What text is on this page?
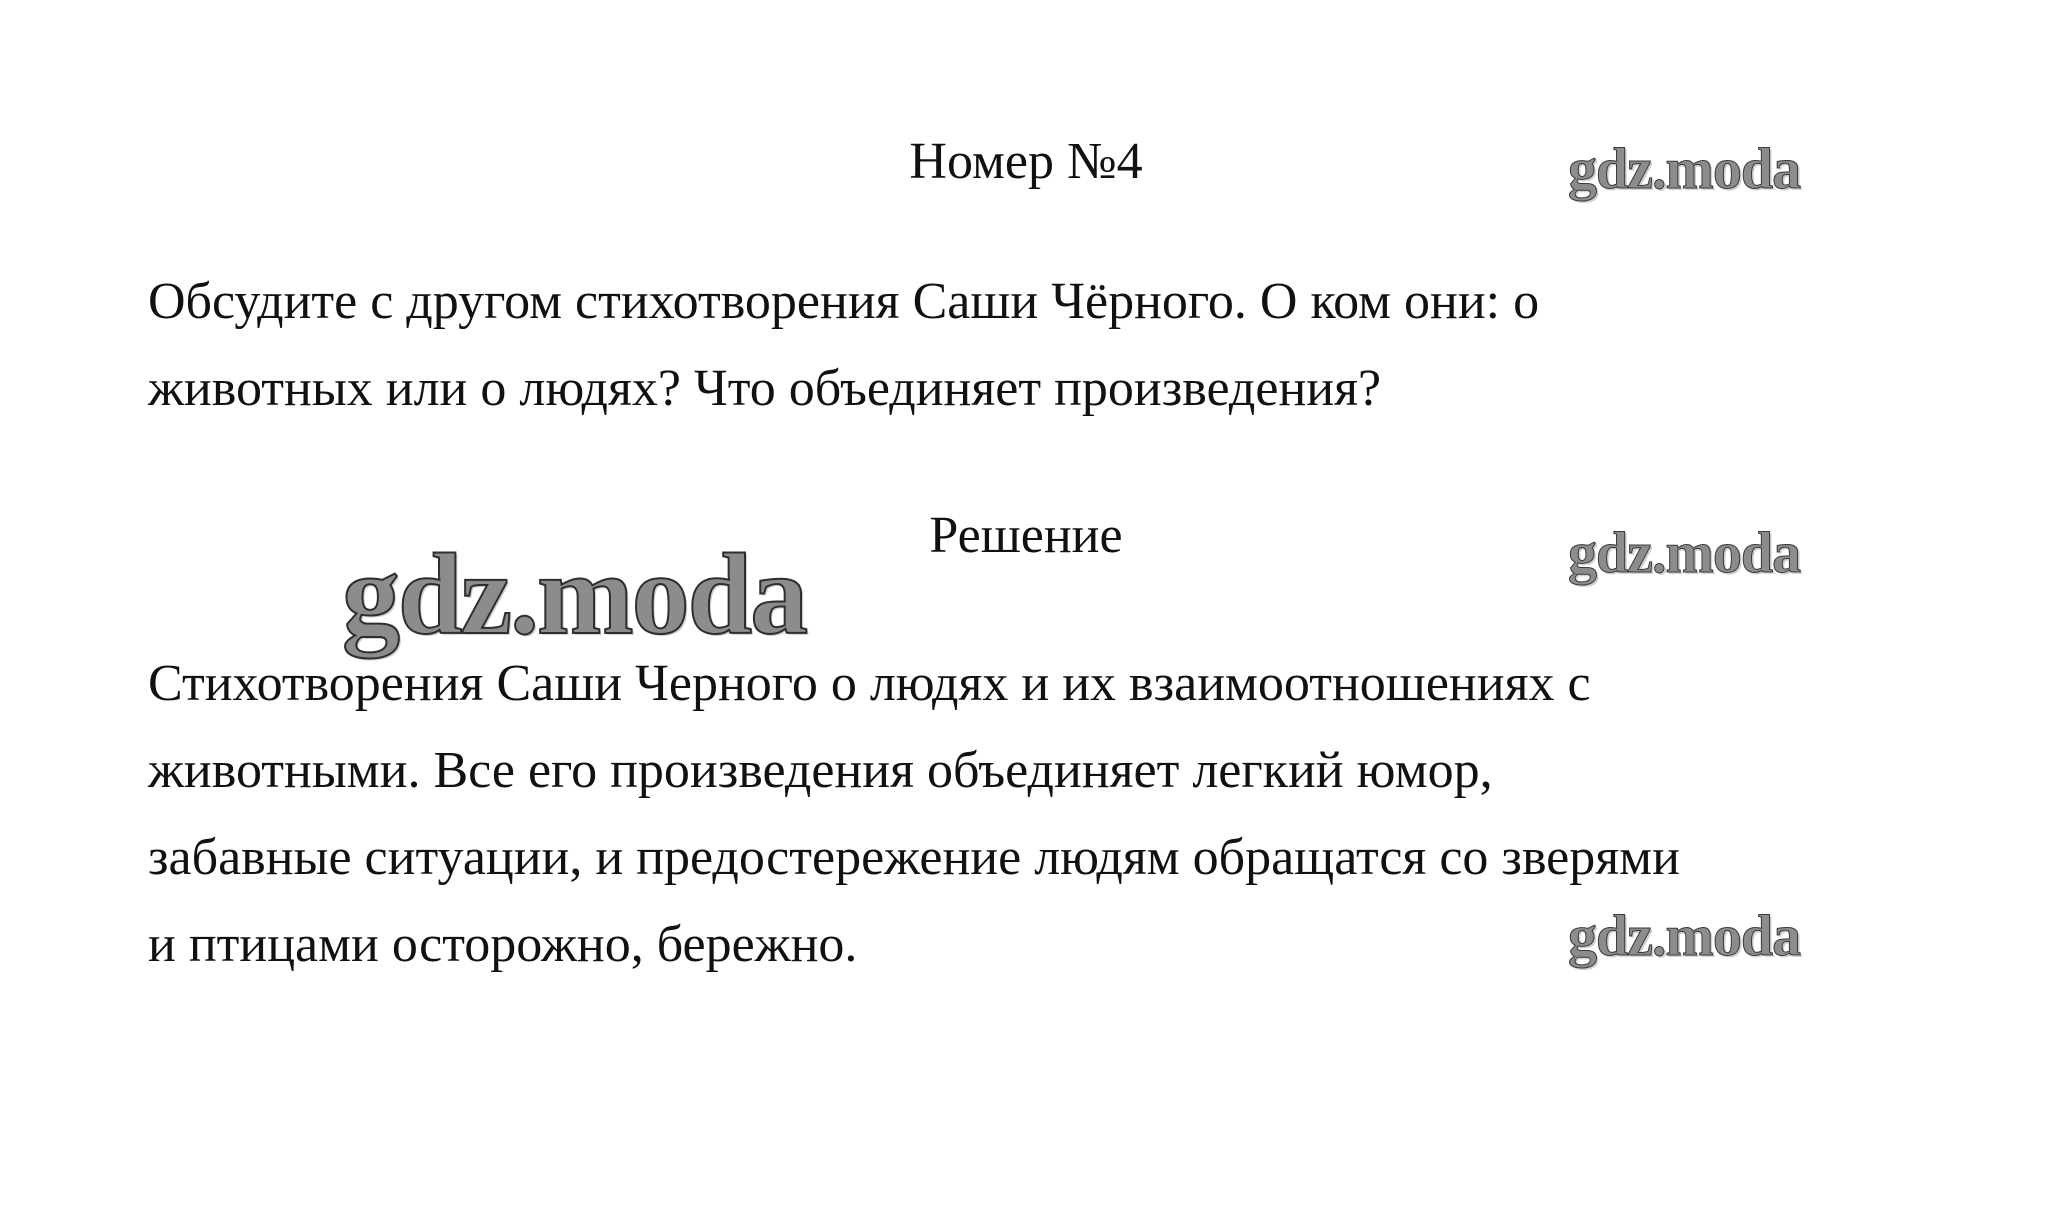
Номер №4
Обсудите с другом стихотворения Саши Чёрного. О ком они: о
животных или о людях? Что объединяет произведения?
Решение
Стихотворения Саши Черного о людях и их взаимоотношениях с
животными. Все его произведения объединяет легкий юмор,
забавные ситуации, и предостережение людям обращатся со зверями
и птицами осторожно, бережно.
gdz.moda
gdz.moda
gdz.moda
gdz.moda
